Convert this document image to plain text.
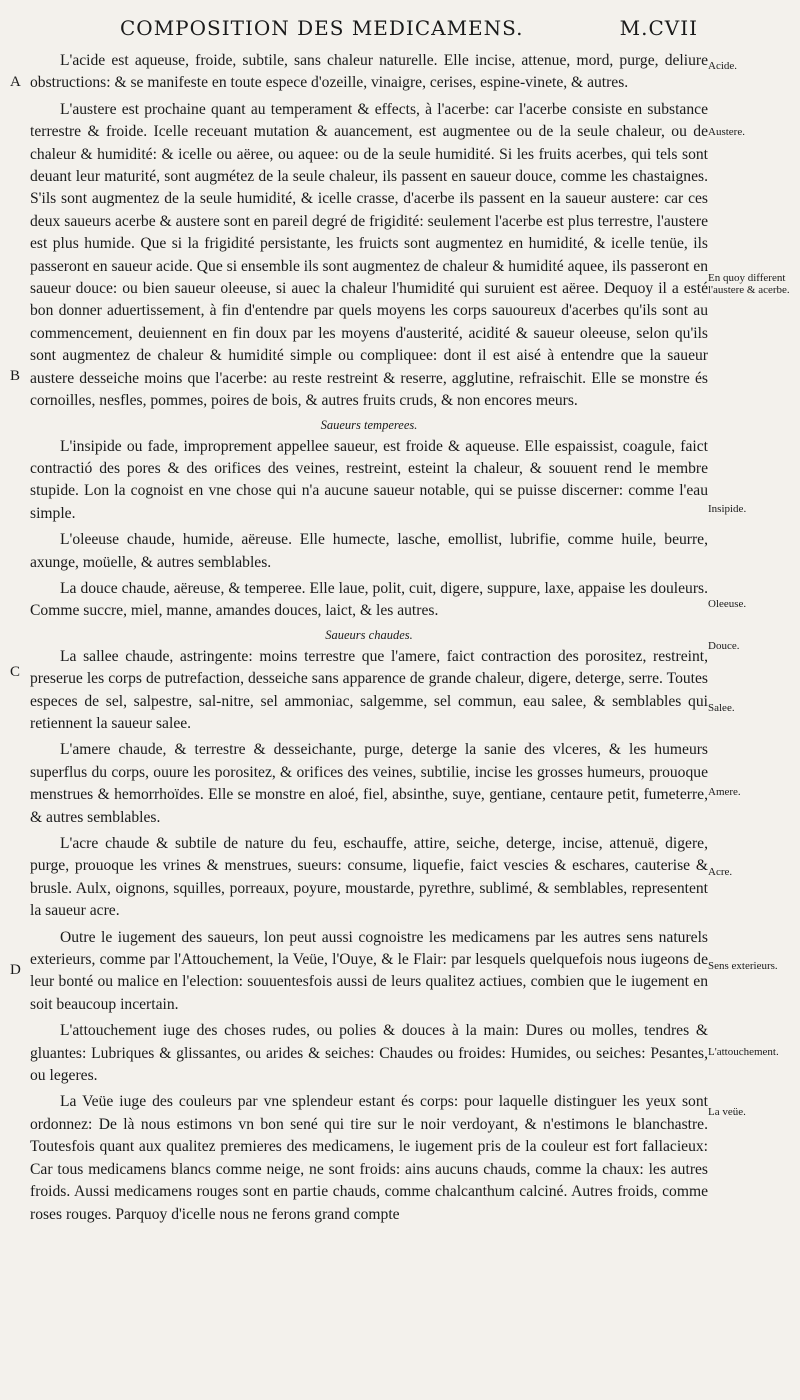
COMPOSITION DES MEDICAMENS.	M.CVII

L'acide est aqueuse, froide, subtile, sans chaleur naturelle. Elle incise, attenue, mord, purge, deliure obstructions: & se manifeste en toute espece d'ozeille, vinaigre, cerises, espine-vinete, & autres.

L'austere est prochaine quant au temperament & effects, à l'acerbe: car l'acerbe consiste en substance terrestre & froide. Icelle receuant mutation & auancement, est augmentee ou de la seule chaleur, ou de chaleur & humidité: & icelle ou aëree, ou aquee: ou de la seule humidité. Si les fruits acerbes, qui tels sont deuant leur maturité, sont augmétez de la seule chaleur, ils passent en saueur douce, comme les chastaignes. S'ils sont augmentez de la seule humidité, & icelle crasse, d'acerbe ils passent en la saueur austere: car ces deux saueurs acerbe & austere sont en pareil degré de frigidité: seulement l'acerbe est plus terrestre, l'austere est plus humide. Que si la frigidité persistante, les fruicts sont augmentez en humidité, & icelle tenüe, ils passeront en saueur acide. Que si ensemble ils sont augmentez de chaleur & humidité aquee, ils passeront en saueur douce: ou bien saueur oleeuse, si auec la chaleur l'humidité qui suruient est aëree. Dequoy il a esté bon donner aduertissement, à fin d'entendre par quels moyens les corps sauoureux d'acerbes qu'ils sont au commencement, deuiennent en fin doux par les moyens d'austerité, acidité & saueur oleeuse, selon qu'ils sont augmentez de chaleur & humidité simple ou compliquee: dont il est aisé à entendre que la saueur austere desseiche moins que l'acerbe: au reste restreint & reserre, agglutine, refraischit. Elle se monstre és cornoilles, nesfles, pommes, poires de bois, & autres fruits cruds, & non encores meurs.

Saueurs temperees.

L'insipide ou fade, improprement appellee saueur, est froide & aqueuse. Elle espaissist, coagule, faict contractió des pores & des orifices des veines, restreint, esteint la chaleur, & souuent rend le membre stupide. Lon la cognoist en vne chose qui n'a aucune saueur notable, qui se puisse discerner: comme l'eau simple.

L'oleeuse chaude, humide, aëreuse. Elle humecte, lasche, emollist, lubrifie, comme huile, beurre, axunge, moüelle, & autres semblables.

La douce chaude, aëreuse, & temperee. Elle laue, polit, cuit, digere, suppure, laxe, appaise les douleurs. Comme succre, miel, manne, amandes douces, laict, & les autres.

Saueurs chaudes.

La sallee chaude, astringente: moins terrestre que l'amere, faict contraction des porositez, restreint, preserue les corps de putrefaction, desseiche sans apparence de grande chaleur, digere, deterge, serre. Toutes especes de sel, salpestre, sal-nitre, sel ammoniac, salgemme, sel commun, eau salee, & semblables qui retiennent la saueur salee.

L'amere chaude, & terrestre & desseichante, purge, deterge la sanie des vlceres, & les humeurs superflus du corps, ouure les porositez, & orifices des veines, subtilie, incise les grosses humeurs, prouoque menstrues & hemorrhoïdes. Elle se monstre en aloé, fiel, absinthe, suye, gentiane, centaure petit, fumeterre, & autres semblables.

L'acre chaude & subtile de nature du feu, eschauffe, attire, seiche, deterge, incise, attenuë, digere, purge, prouoque les vrines & menstrues, sueurs: consume, liquefie, faict vescies & eschares, cauterise & brusle. Aulx, oignons, squilles, porreaux, poyure, moustarde, pyrethre, sublimé, & semblables, representent la saueur acre.

Outre le iugement des saueurs, lon peut aussi cognoistre les medicamens par les autres sens naturels exterieurs, comme par l'Attouchement, la Veüe, l'Ouye, & le Flair: par lesquels quelquefois nous iugeons de leur bonté ou malice en l'election: souuentesfois aussi de leurs qualitez actiues, combien que le iugement en soit beaucoup incertain.

L'attouchement iuge des choses rudes, ou polies & douces à la main: Dures ou molles, tendres & gluantes: Lubriques & glissantes, ou arides & seiches: Chaudes ou froides: Humides, ou seiches: Pesantes, ou legeres.

La Veüe iuge des couleurs par vne splendeur estant és corps: pour laquelle distinguer les yeux sont ordonnez: De là nous estimons vn bon sené qui tire sur le noir verdoyant, & n'estimons le blanchastre. Toutesfois quant aux qualitez premieres des medicamens, le iugement pris de la couleur est fort fallacieux: Car tous medicamens blancs comme neige, ne sont froids: ains aucuns chauds, comme la chaux: les autres froids. Aussi medicamens rouges sont en partie chauds, comme chalcanthum calciné. Autres froids, comme roses rouges. Parquoy d'icelle nous ne ferons grand compte

Acide.
Austere.
En quoy different l'austere & acerbe.
Insipide.
Oleeuse.
Douce.
Salee.
Amere.
Acre.
Sens exterieurs.
L'attouchement.
La veüe.
A
B
C
D
